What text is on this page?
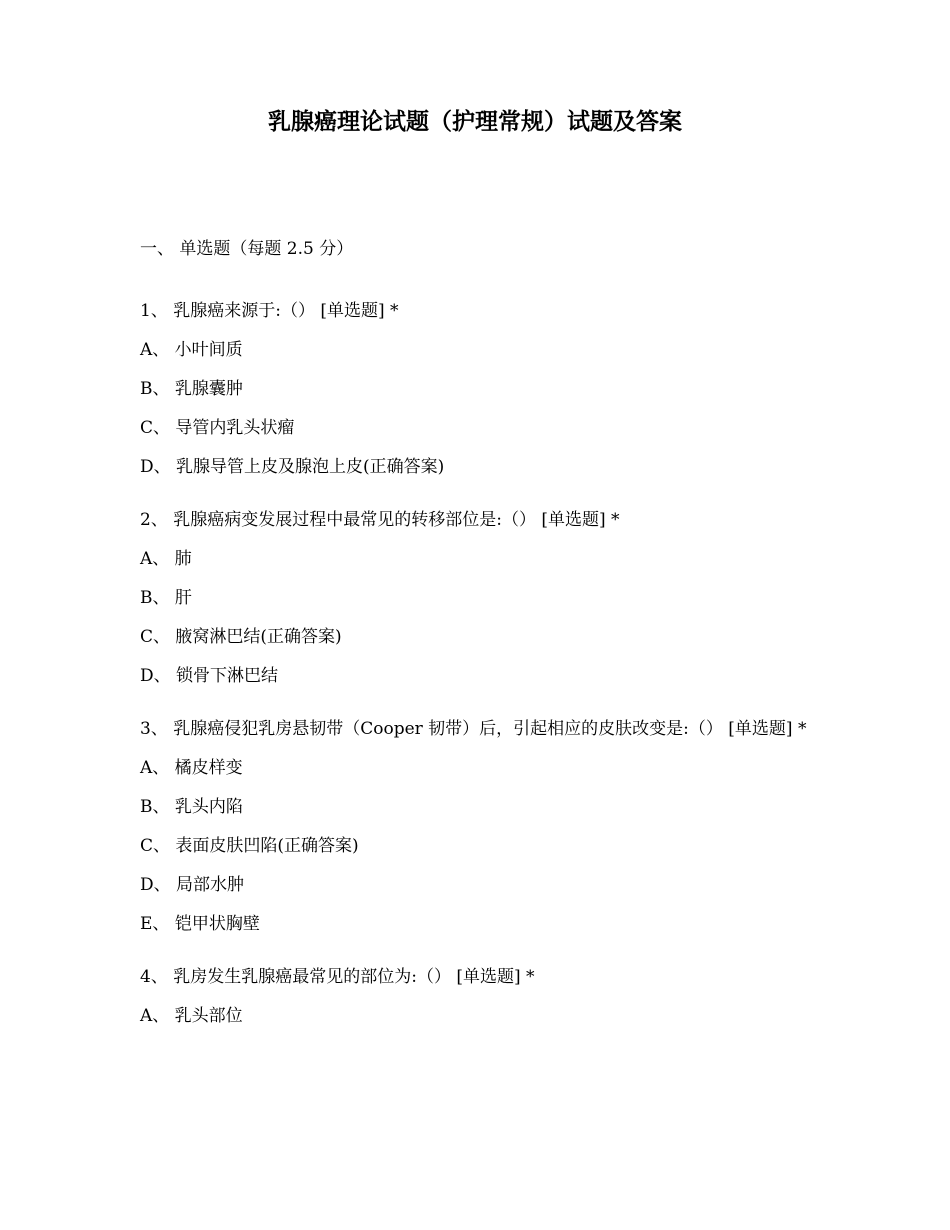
乳腺癌理论试题（护理常规）试题及答案
一、 单选题（每题 2.5 分）

1、 乳腺癌来源于:（） [单选题] *

A、 小叶间质

B、 乳腺囊肿

C、 导管内乳头状瘤

D、 乳腺导管上皮及腺泡上皮(正确答案)

2、 乳腺癌病变发展过程中最常见的转移部位是:（） [单选题] *

A、 肺

B、 肝

C、 腋窝淋巴结(正确答案)

D、 锁骨下淋巴结

3、 乳腺癌侵犯乳房悬韧带（Cooper 韧带）后，引起相应的皮肤改变是:（） [单选题] *

A、 橘皮样变

B、 乳头内陷

C、 表面皮肤凹陷(正确答案)

D、 局部水肿

E、 铠甲状胸壁

4、 乳房发生乳腺癌最常见的部位为:（） [单选题] *

A、 乳头部位
